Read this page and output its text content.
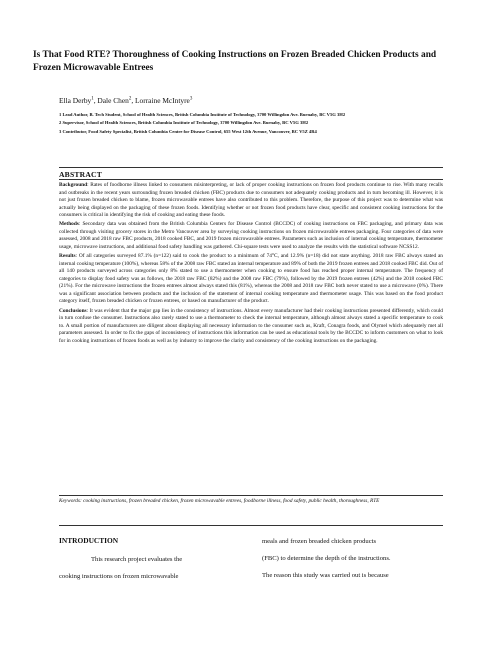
Is That Food RTE? Thoroughness of Cooking Instructions on Frozen Breaded Chicken Products and Frozen Microwavable Entrees
Ella Derby$^1$, Dale Chen$^2$, Lorraine McIntyre$^3$

1 Lead Author, B. Tech Student, School of Health Sciences, British Columbia Institute of Technology, 3700 Willingdon Ave. Burnaby, BC V5G 3H2

2 Supervisor, School of Health Sciences, British Columbia Institute of Technology, 3700 Willingdon Ave. Burnaby, BC V5G 3H2

3 Contributor, Food Safety Specialist, British Columbia Centre for Disease Control, 655 West 12th Avenue, Vancouver, BC V5Z 4R4

ABSTRACT

Background: Rates of foodborne illness linked to consumers misinterpreting, or lack of proper cooking instructions on frozen food products continue to rise. With many recalls and outbreaks in the recent years surrounding frozen breaded chicken (FBC) products due to consumers not adequately cooking products and in turn becoming ill. However, it is not just frozen breaded chicken to blame, frozen microwavable entrees have also contributed to this problem. Therefore, the purpose of this project was to determine what was actually being displayed on the packaging of these frozen foods. Identifying whether or not frozen food products have clear, specific and consistent cooking instructions for the consumers is critical in identifying the risk of cooking and eating these foods.

Methods: Secondary data was obtained from the British Columbia Centers for Disease Control (BCCDC) of cooking instructions on FBC packaging, and primary data was collected through visiting grocery stores in the Metro Vancouver area by surveying cooking instructions on frozen microwavable entrees packaging. Four categories of data were assessed, 2008 and 2018 raw FBC products, 2018 cooked FBC, and 2019 frozen microwavable entrees. Parameters such as inclusion of internal cooking temperature, thermometer usage, microwave instructions, and additional food safety handling was gathered. Chi-square tests were used to analyze the results with the statistical software NCSS12.

Results: Of all categories surveyed 87.1% (n=122) said to cook the product to a minimum of 74°C, and 12.9% (n=18) did not state anything. 2018 raw FBC always stated an internal cooking temperature (100%), whereas 58% of the 2008 raw FBC stated an internal temperature and 89% of both the 2019 frozen entrees and 2018 cooked FBC did. Out of all 140 products surveyed across categories only 8% stated to use a thermometer when cooking to ensure food has reached proper internal temperature. The frequency of categories to display food safety was as follows, the 2018 raw FBC (82%) and the 2008 raw FBC (79%), followed by the 2019 frozen entrees (42%) and the 2018 cooked FBC (21%). For the microwave instructions the frozen entrees almost always stated this (81%), whereas the 2008 and 2018 raw FBC both never stated to use a microwave (0%). There was a significant association between products and the inclusion of the statement of internal cooking temperature and thermometer usage. This was based on the food product category itself, frozen breaded chicken or frozen entrees, or based on manufacturer of the product.

Conclusions: It was evident that the major gap lies in the consistency of instructions. Almost every manufacturer had their cooking instructions presented differently, which could in turn confuse the consumer. Instructions also rarely stated to use a thermometer to check the internal temperature, although almost always stated a specific temperature to cook to. A small portion of manufacturers are diligent about displaying all necessary information to the consumer such as, Kraft, Conagra foods, and Olymel which adequately met all parameters assessed. In order to fix the gaps of inconsistency of instructions this information can be used as educational tools by the BCCDC to inform customers on what to look for in cooking instructions of frozen foods as well as by industry to improve the clarity and consistency of the cooking instructions on the packaging.

Keywords: cooking instructions, frozen breaded chicken, frozen microwavable entrees, foodborne illness, food safety, public health, thoroughness, RTE
INTRODUCTION
This research project evaluates the
cooking instructions on frozen microwavable
meals and frozen breaded chicken products
(FBC) to determine the depth of the instructions.
The reason this study was carried out is because
